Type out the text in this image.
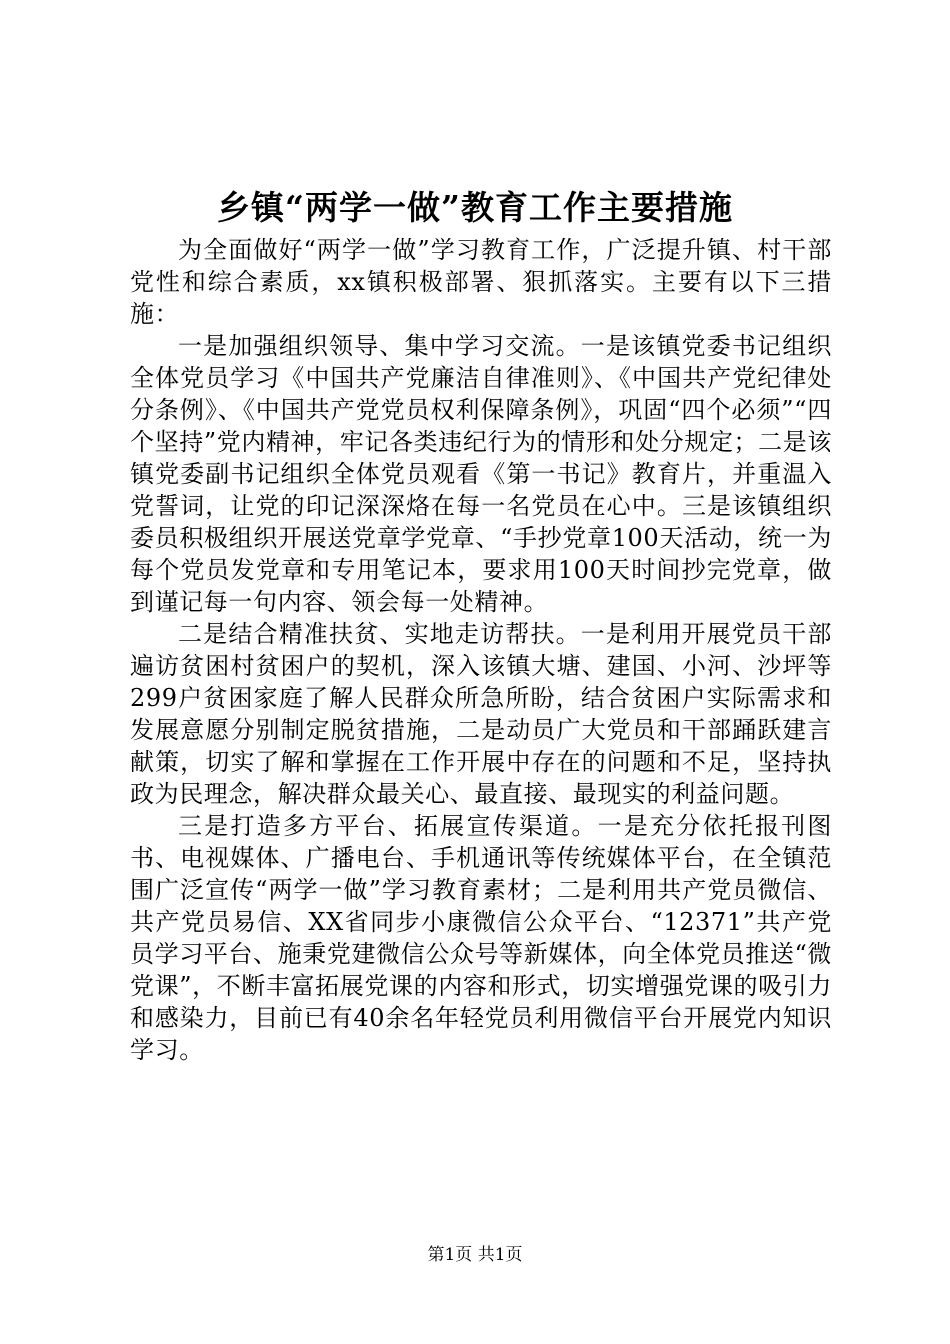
乡镇“两学一做”教育工作主要措施

为全面做好“两学一做”学习教育工作，广泛提升镇、村干部党性和综合素质，xx镇积极部署、狠抓落实。主要有以下三措施：

一是加强组织领导、集中学习交流。一是该镇党委书记组织全体党员学习《中国共产党廉洁自律准则》、《中国共产党纪律处分条例》、《中国共产党党员权利保障条例》，巩固“四个必须”“四个坚持”党内精神，牢记各类违纪行为的情形和处分规定；二是该镇党委副书记组织全体党员观看《第一书记》教育片，并重温入党誓词，让党的印记深深烙在每一名党员在心中。三是该镇组织委员积极组织开展送党章学党章、“手抄党章100天活动，统一为每个党员发党章和专用笔记本，要求用100天时间抄完党章，做到谨记每一句内容、领会每一处精神。

二是结合精准扶贫、实地走访帮扶。一是利用开展党员干部遍访贫困村贫困户的契机，深入该镇大塘、建国、小河、沙坪等299户贫困家庭了解人民群众所急所盼，结合贫困户实际需求和发展意愿分别制定脱贫措施，二是动员广大党员和干部踊跃建言献策，切实了解和掌握在工作开展中存在的问题和不足，坚持执政为民理念，解决群众最关心、最直接、最现实的利益问题。

三是打造多方平台、拓展宣传渠道。一是充分依托报刊图书、电视媒体、广播电台、手机通讯等传统媒体平台，在全镇范围广泛宣传“两学一做”学习教育素材；二是利用共产党员微信、共产党员易信、XX省同步小康微信公众平台、“12371”共产党员学习平台、施秉党建微信公众号等新媒体，向全体党员推送“微党课”，不断丰富拓展党课的内容和形式，切实增强党课的吸引力和感染力，目前已有40余名年轻党员利用微信平台开展党内知识学习。

第1页 共1页
